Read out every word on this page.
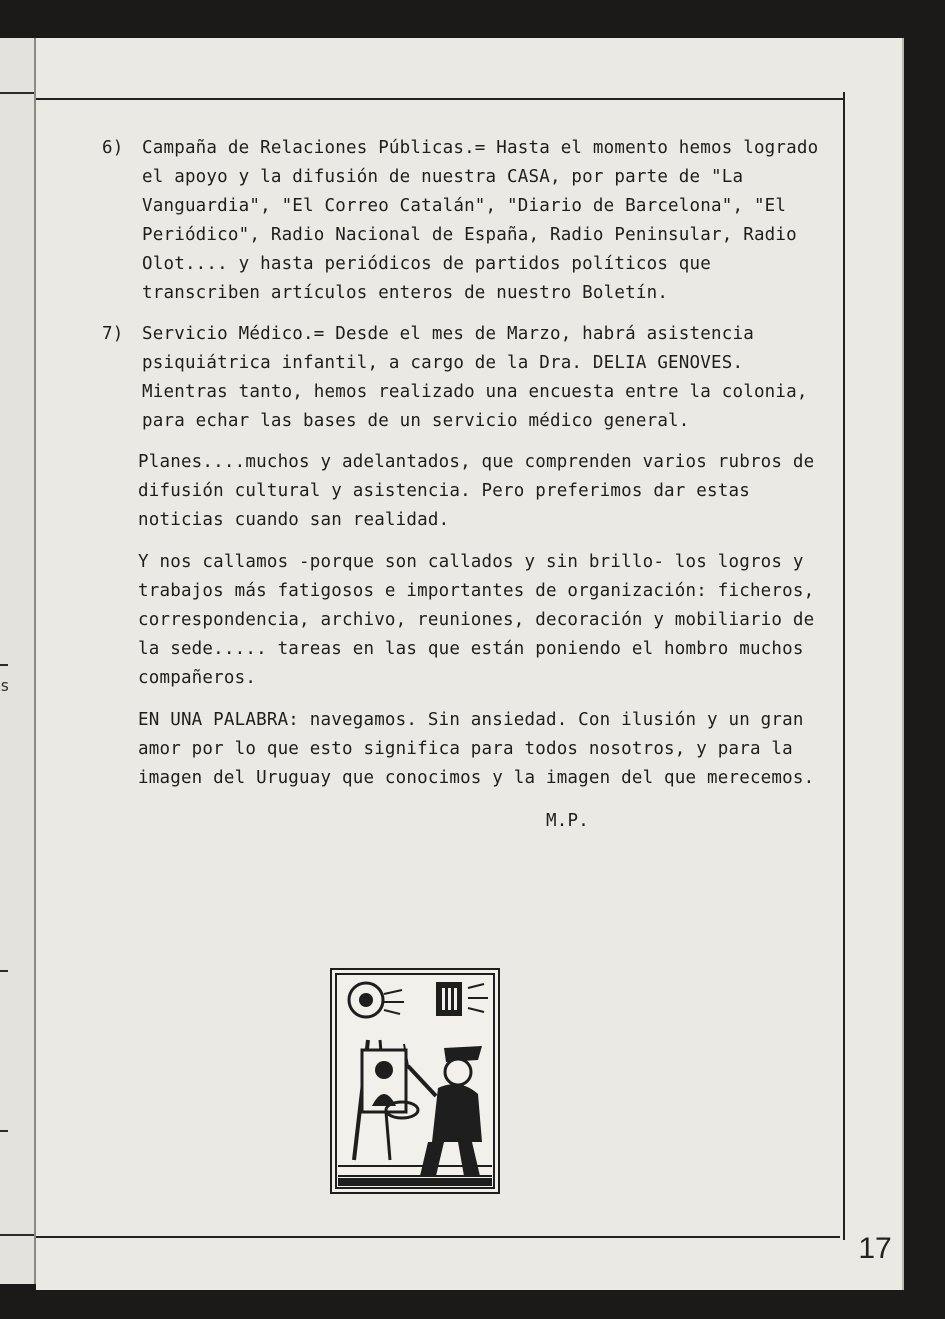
s
6) Campaña de Relaciones Públicas.= Hasta el momento hemos logrado el apoyo y la difusión de nuestra CASA, por parte de "La Vanguardia", "El Correo Catalán", "Diario de Barcelona", "El Periódico", Radio Nacional de España, Radio Peninsular, Radio Olot.... y hasta periódicos de partidos políticos que transcriben artículos enteros de nuestro Boletín.
7) Servicio Médico.= Desde el mes de Marzo, habrá asistencia psiquiátrica infantil, a cargo de la Dra. DELIA GENOVES. Mientras tanto, hemos realizado una encuesta entre la colonia, para echar las bases de un servicio médico general.
Planes....muchos y adelantados, que comprenden varios rubros de difusión cultural y asistencia. Pero preferimos dar estas noticias cuando san realidad.
Y nos callamos -porque son callados y sin brillo- los logros y trabajos más fatigosos e importantes de organización: ficheros, correspondencia, archivo, reuniones, decoración y mobiliario de la sede..... tareas en las que están poniendo el hombro muchos compañeros.
EN UNA PALABRA: navegamos. Sin ansiedad. Con ilusión y un gran amor por lo que esto significa para todos nosotros, y para la imagen del Uruguay que conocimos y la imagen del que merecemos.
M.P.
17
